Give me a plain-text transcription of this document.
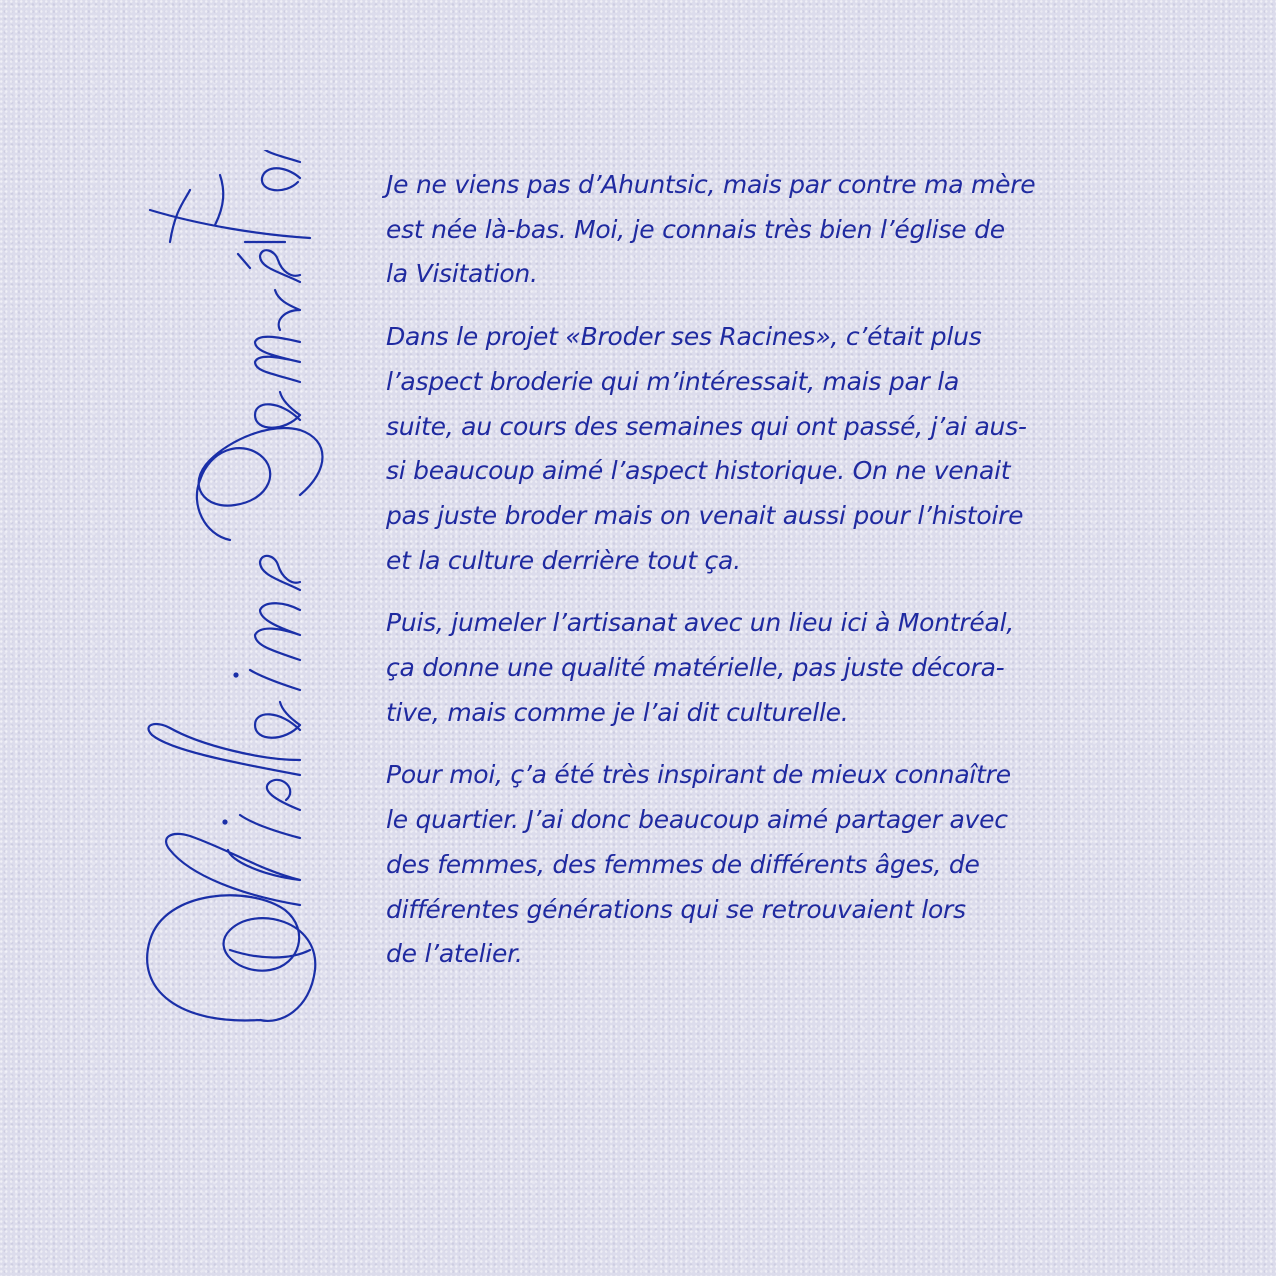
Je ne viens pas d’Ahuntsic, mais par contre ma mère
est née là-bas. Moi, je connais très bien l’église de
la Visitation.

Dans le projet «Broder ses Racines», c’était plus
l’aspect broderie qui m’intéressait, mais par la
suite, au cours des semaines qui ont passé, j’ai aus-
si beaucoup aimé l’aspect historique. On ne venait
pas juste broder mais on venait aussi pour l’histoire
et la culture derrière tout ça.

Puis, jumeler l’artisanat avec un lieu ici à Montréal,
ça donne une qualité matérielle, pas juste décora-
tive, mais comme je l’ai dit culturelle.

Pour moi, ç’a été très inspirant de mieux connaître
le quartier. J’ai donc beaucoup aimé partager avec
des femmes, des femmes de différents âges, de
différentes générations qui se retrouvaient lors
de l’atelier.
